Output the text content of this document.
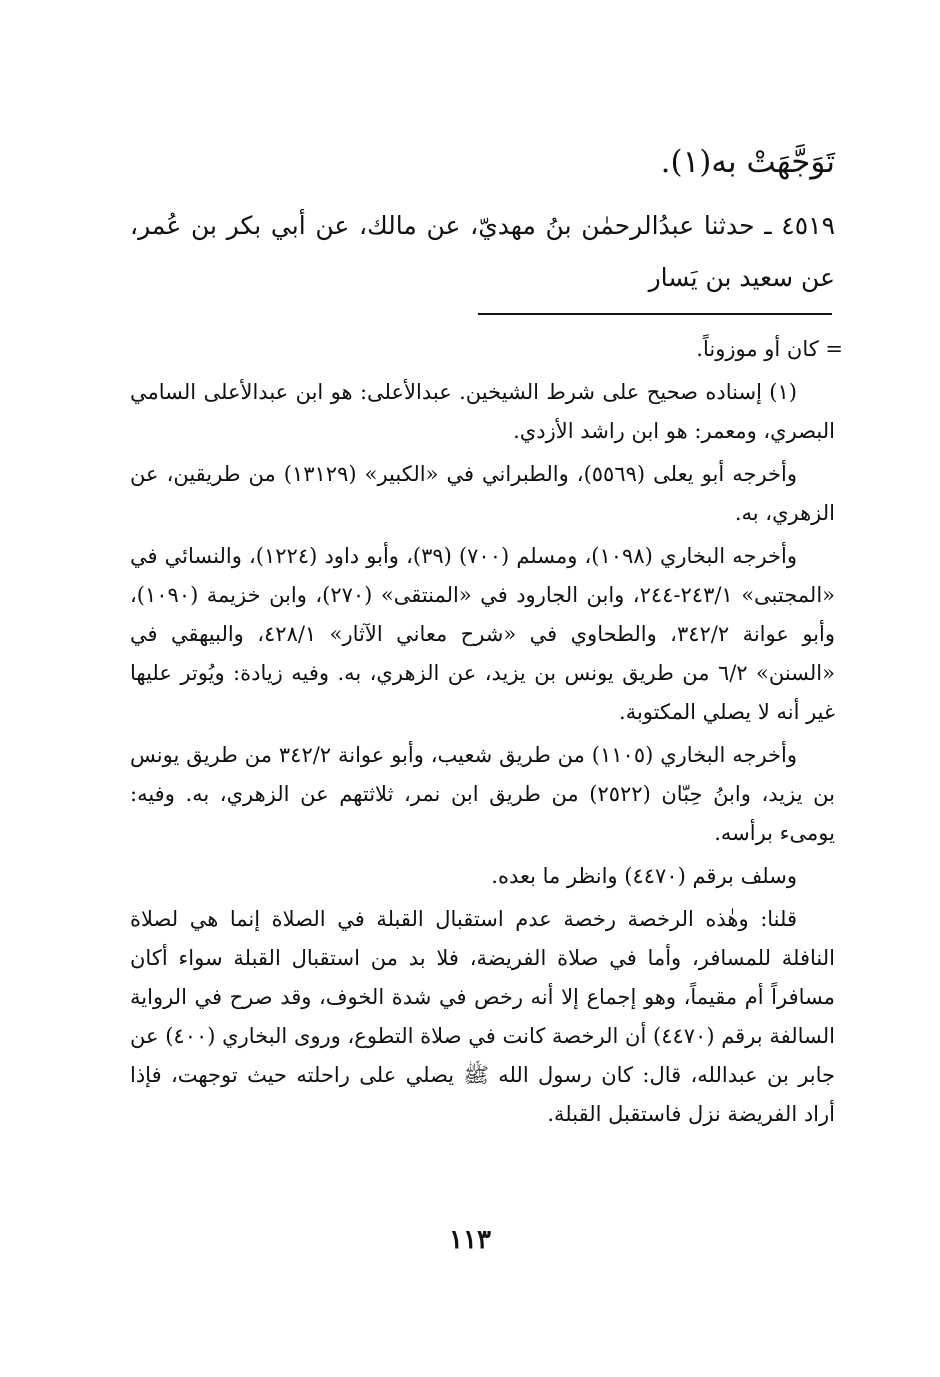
تَوَجَّهَتْ به(١).
٤٥١٩ ـ حدثنا عبدُالرحمٰن بنُ مهديّ، عن مالك، عن أبي بكر بن عُمر، عن سعيد بن يَسار

= كان أو موزوناً.

(١) إسناده صحيح على شرط الشيخين. عبدالأعلى: هو ابن عبدالأعلى السامي البصري، ومعمر: هو ابن راشد الأزدي.

وأخرجه أبو يعلى (٥٥٦٩)، والطبراني في «الكبير» (١٣١٢٩) من طريقين، عن الزهري، به.

وأخرجه البخاري (١٠٩٨)، ومسلم (٧٠٠) (٣٩)، وأبو داود (١٢٢٤)، والنسائي في «المجتبى» ٢٤٣/١-٢٤٤، وابن الجارود في «المنتقى» (٢٧٠)، وابن خزيمة (١٠٩٠)، وأبو عوانة ٣٤٢/٢، والطحاوي في «شرح معاني الآثار» ٤٢٨/١، والبيهقي في «السنن» ٦/٢ من طريق يونس بن يزيد، عن الزهري، به. وفيه زيادة: ويُوتر عليها غير أنه لا يصلي المكتوبة.

وأخرجه البخاري (١١٠٥) من طريق شعيب، وأبو عوانة ٣٤٢/٢ من طريق يونس بن يزيد، وابنُ حِبّان (٢٥٢٢) من طريق ابن نمر، ثلاثتهم عن الزهري، به. وفيه: يومىء برأسه.

وسلف برقم (٤٤٧٠) وانظر ما بعده.

قلنا: وهٰذه الرخصة رخصة عدم استقبال القبلة في الصلاة إنما هي لصلاة النافلة للمسافر، وأما في صلاة الفريضة، فلا بد من استقبال القبلة سواء أكان مسافراً أم مقيماً، وهو إجماع إلا أنه رخص في شدة الخوف، وقد صرح في الرواية السالفة برقم (٤٤٧٠) أن الرخصة كانت في صلاة التطوع، وروى البخاري (٤٠٠) عن جابر بن عبدالله، قال: كان رسول الله ﷺ يصلي على راحلته حيث توجهت، فإذا أراد الفريضة نزل فاستقبل القبلة.

١١٣
